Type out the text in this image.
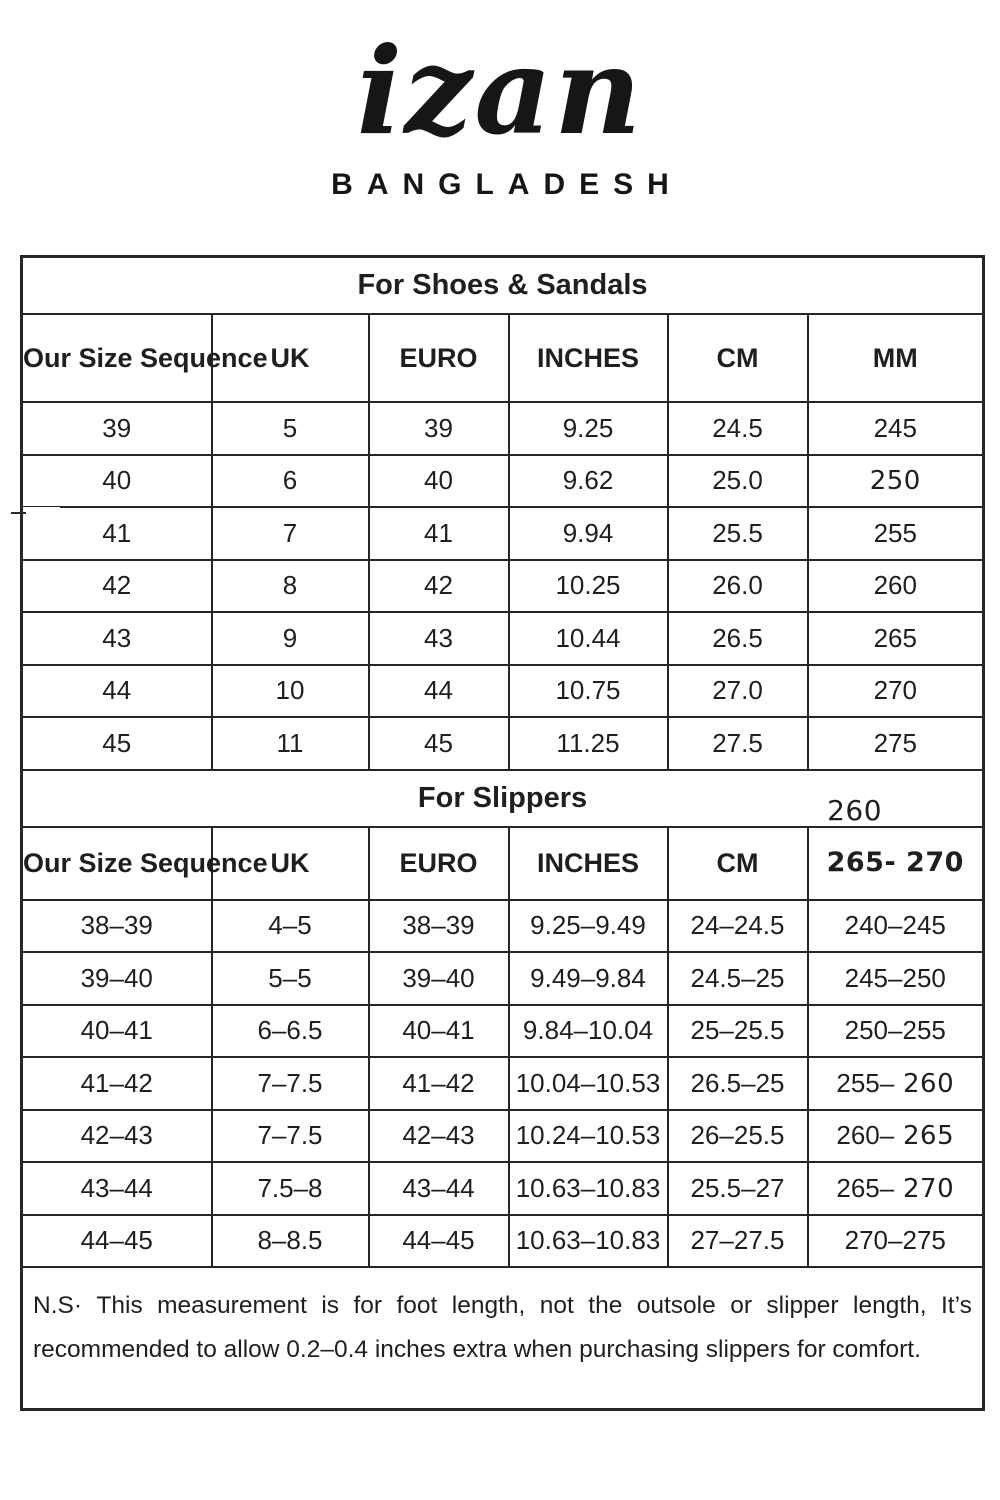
izan
BANGLADESH
For Shoes & Sandals					
Our Size Sequence	UK	EURO	INCHES	CM	MM
39	5	39	9.25	24.5	245
40	6	40	9.62	25.0	250
41	7	41	9.94	25.5	255
42	8	42	10.25	26.0	260
43	9	43	10.44	26.5	265
44	10	44	10.75	27.0	270
45	11	45	11.25	27.5	275
For Slippers 260					

Our Size Sequence	UK	EURO	INCHES	CM	265- 270
38–39	4–5	38–39	9.25–9.49	24–24.5	240–245
39–40	5–5	39–40	9.49–9.84	24.5–25	245–250
40–41	6–6.5	40–41	9.84–10.04	25–25.5	250–255
41–42	7–7.5	41–42	10.04–10.53	26.5–25	255– 260
42–43	7–7.5	42–43	10.24–10.53	26–25.5	260– 265
43–44	7.5–8	43–44	10.63–10.83	25.5–27	265– 270
44–45	8–8.5	44–45	10.63–10.83	27–27.5	270–275

N.S· This measurement is for foot length, not the outsole or slipper length, It’s
recommended to allow 0.2–0.4 inches extra when purchasing slippers for comfort.
